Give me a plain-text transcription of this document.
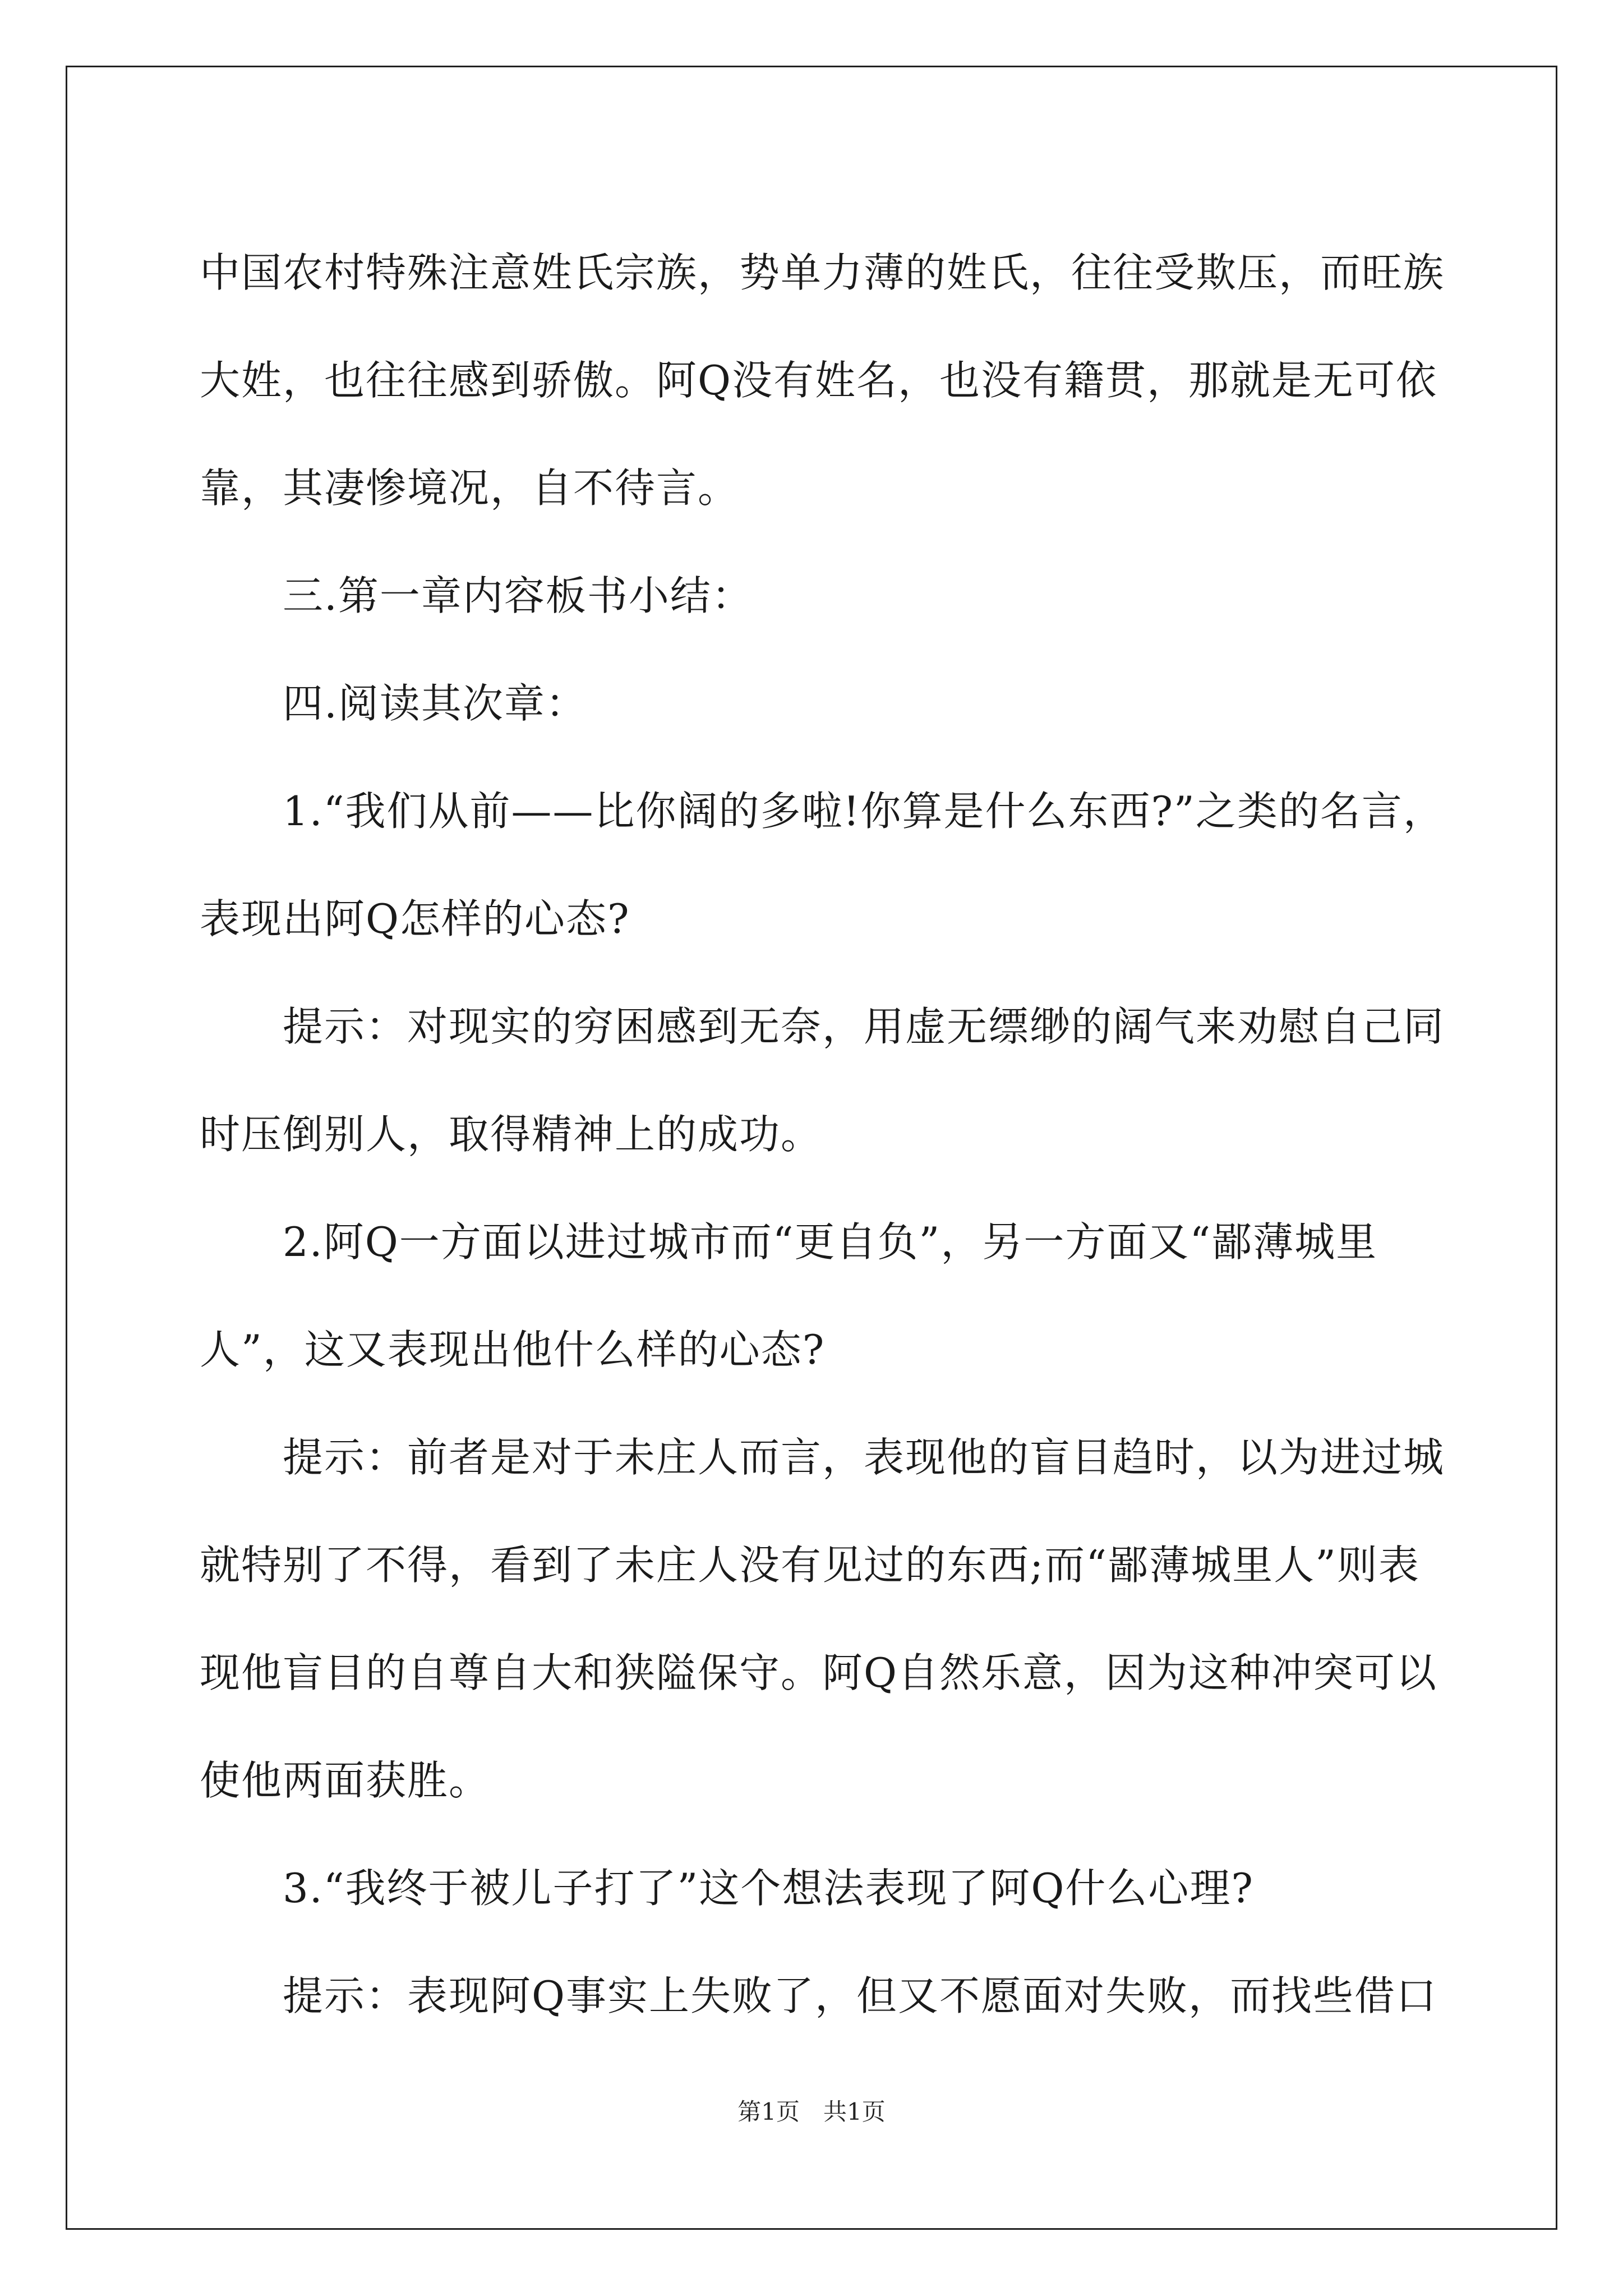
中国农村特殊注意姓氏宗族，势单力薄的姓氏，往往受欺压，而旺族

大姓，也往往感到骄傲。阿Q没有姓名，也没有籍贯，那就是无可依

靠，其凄惨境况，自不待言。

　　三.第一章内容板书小结：

　　四.阅读其次章：

　　1.“我们从前——比你阔的多啦!你算是什么东西?”之类的名言，

表现出阿Q怎样的心态?

　　提示：对现实的穷困感到无奈，用虚无缥缈的阔气来劝慰自己同

时压倒别人，取得精神上的成功。

　　2.阿Q一方面以进过城市而“更自负”，另一方面又“鄙薄城里

人”，这又表现出他什么样的心态?

　　提示：前者是对于未庄人而言，表现他的盲目趋时，以为进过城

就特别了不得，看到了未庄人没有见过的东西;而“鄙薄城里人”则表

现他盲目的自尊自大和狭隘保守。阿Q自然乐意，因为这种冲突可以

使他两面获胜。

　　3.“我终于被儿子打了”这个想法表现了阿Q什么心理?

　　提示：表现阿Q事实上失败了，但又不愿面对失败，而找些借口

第1页　共1页
